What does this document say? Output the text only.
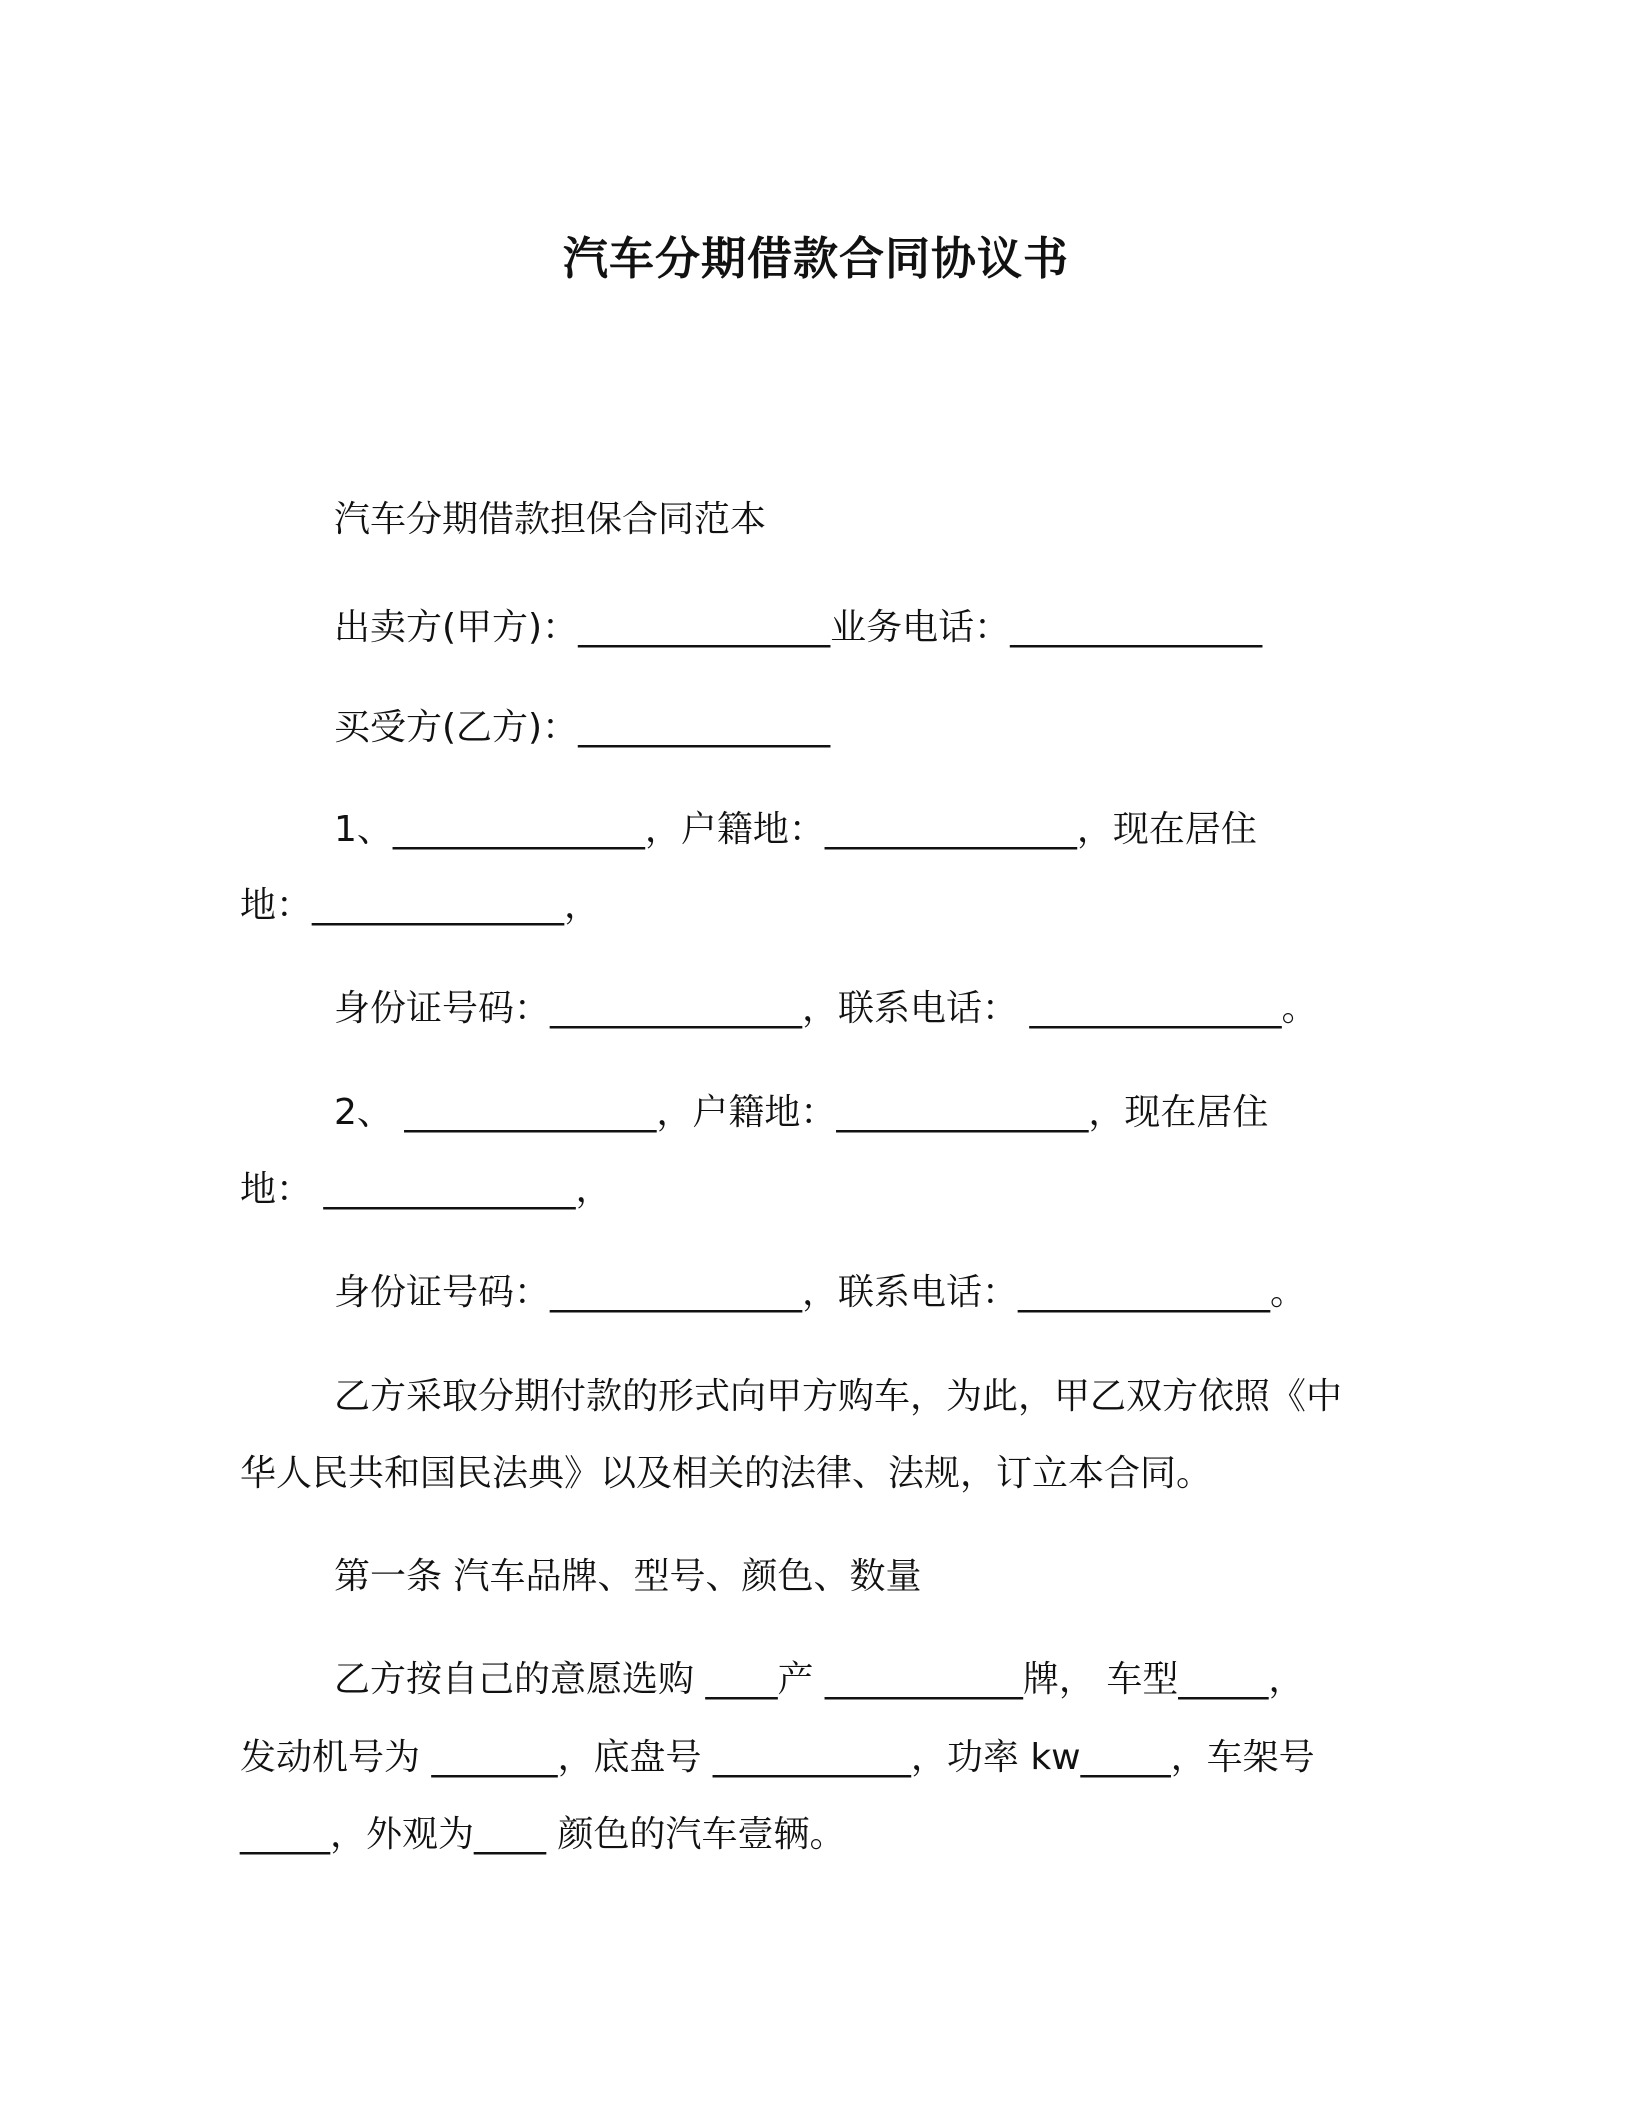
汽车分期借款合同协议书

汽车分期借款担保合同范本

出卖方(甲方)：______________业务电话：______________

买受方(乙方)：______________

1、______________，户籍地：______________，现在居住

地：______________，

身份证号码：______________，联系电话： ______________。

2、 ______________，户籍地：______________，现在居住

地： ______________，

身份证号码：______________，联系电话：______________。

乙方采取分期付款的形式向甲方购车，为此，甲乙双方依照《中

华人民共和国民法典》以及相关的法律、法规，订立本合同。

第一条 汽车品牌、型号、颜色、数量

乙方按自己的意愿选购 ____产 ___________牌， 车型_____，

发动机号为 _______，底盘号 ___________，功率 kw_____，车架号

_____，外观为____ 颜色的汽车壹辆。
